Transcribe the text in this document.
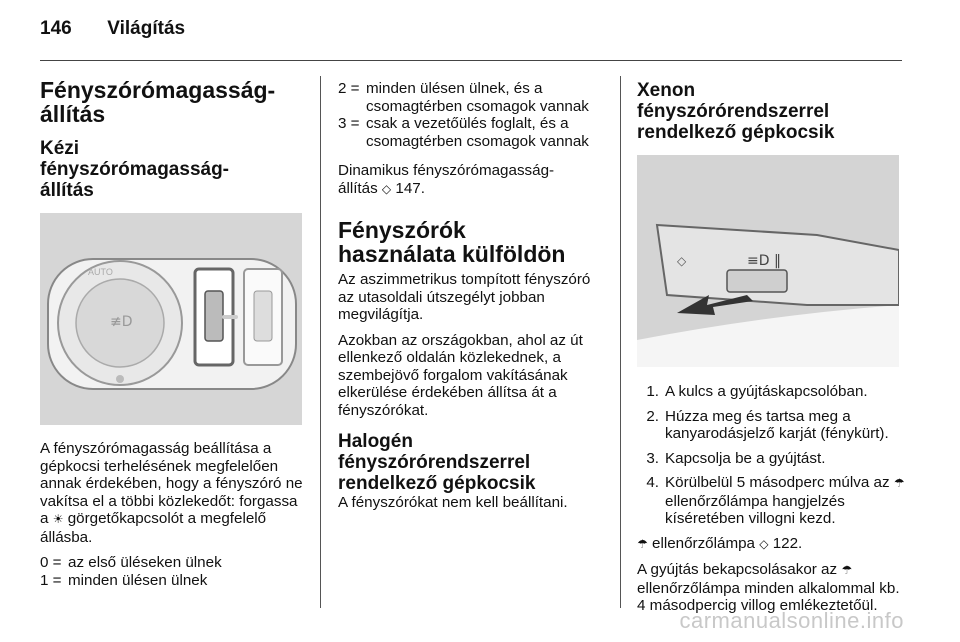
146 Világítás
Fényszórómagasság-állítás
Kézi fényszórómagasság-állítás
≢D
AUTO

A fényszórómagasság beállítása a gépkocsi terhelésének megfelelően annak érdekében, hogy a fényszóró ne vakítsa el a többi közlekedőt: forgassa a ☀ görgetőkapcsolót a megfelelő állásba.

0 = az első üléseken ülnek
1 = minden ülésen ülnek
2 = minden ülésen ülnek, és a csomagtérben csomagok vannak
3 = csak a vezetőülés foglalt, és a csomagtérben csomagok vannak

Dinamikus fényszórómagasság-állítás ◇ 147.

Fényszórók használata külföldön

Az aszimmetrikus tompított fényszóró az utasoldali útszegélyt jobban megvilágítja.

Azokban az országokban, ahol az út ellenkező oldalán közlekednek, a szembejövő forgalom vakításának elkerülése érdekében állítsa át a fényszórókat.

Halogén fényszórórendszerrel rendelkező gépkocsik

A fényszórókat nem kell beállítani.

Xenon fényszórórendszerrel rendelkező gépkocsik
≡D ‖
◇
1. A kulcs a gyújtáskapcsolóban.
2. Húzza meg és tartsa meg a kanyarodásjelző karját (fénykürt).
3. Kapcsolja be a gyújtást.
4. Körülbelül 5 másodperc múlva az ☂ ellenőrzőlámpa hangjelzés kíséretében villogni kezd.

☂ ellenőrzőlámpa ◇ 122.

A gyújtás bekapcsolásakor az ☂ ellenőrzőlámpa minden alkalommal kb. 4 másodpercig villog emlékeztetőül.

carmanualsonline.info
